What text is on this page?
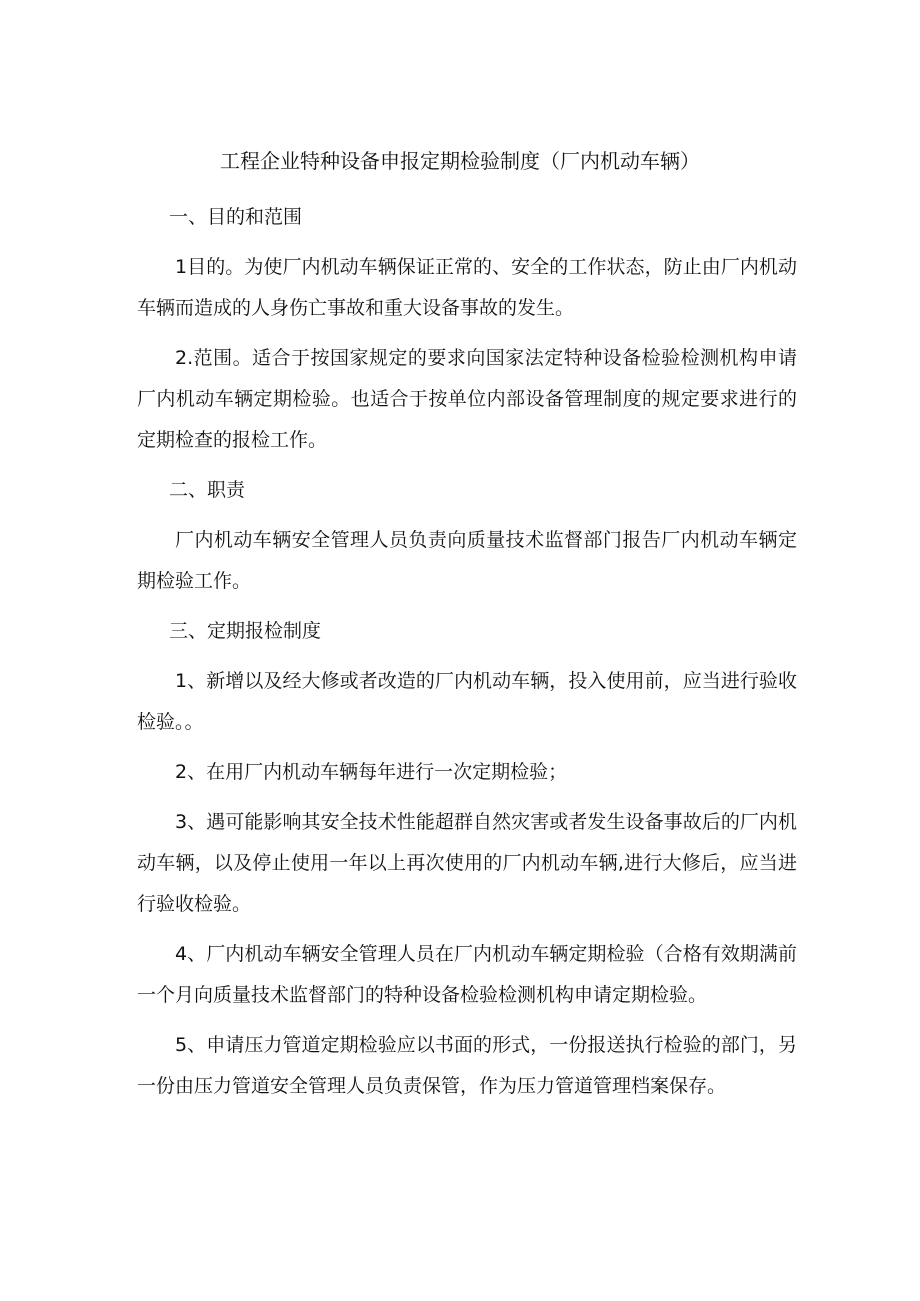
工程企业特种设备申报定期检验制度（厂内机动车辆）

一、目的和范围

1目的。为使厂内机动车辆保证正常的、安全的工作状态，防止由厂内机动车辆而造成的人身伤亡事故和重大设备事故的发生。

2.范围。适合于按国家规定的要求向国家法定特种设备检验检测机构申请厂内机动车辆定期检验。也适合于按单位内部设备管理制度的规定要求进行的定期检查的报检工作。

二、职责

厂内机动车辆安全管理人员负责向质量技术监督部门报告厂内机动车辆定期检验工作。

三、定期报检制度

1、新增以及经大修或者改造的厂内机动车辆，投入使用前，应当进行验收检验。。

2、在用厂内机动车辆每年进行一次定期检验；

3、遇可能影响其安全技术性能超群自然灾害或者发生设备事故后的厂内机动车辆，以及停止使用一年以上再次使用的厂内机动车辆,进行大修后，应当进行验收检验。

4、厂内机动车辆安全管理人员在厂内机动车辆定期检验（合格有效期满前一个月向质量技术监督部门的特种设备检验检测机构申请定期检验。

5、申请压力管道定期检验应以书面的形式，一份报送执行检验的部门，另一份由压力管道安全管理人员负责保管，作为压力管道管理档案保存。
